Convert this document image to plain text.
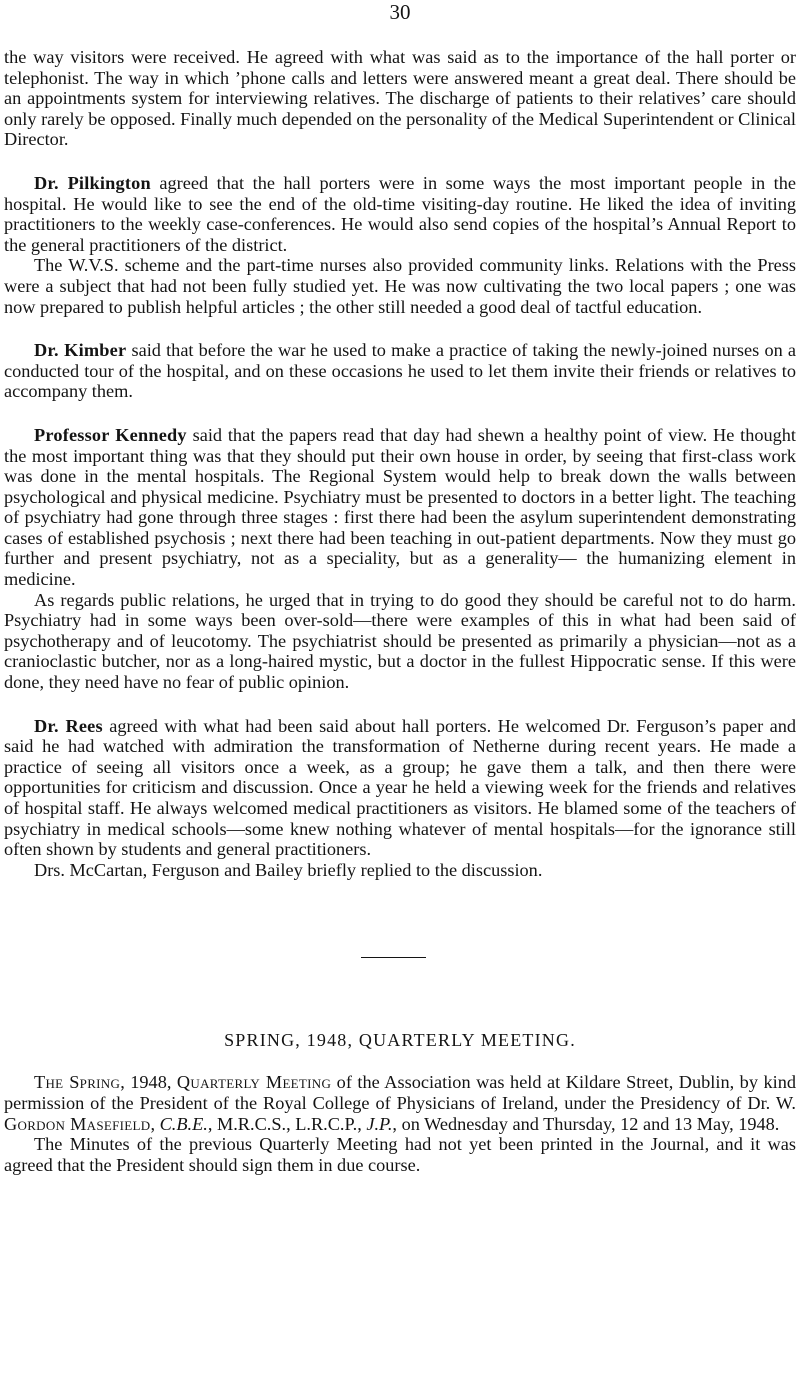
30

the way visitors were received. He agreed with what was said as to the importance of the hall porter or telephonist. The way in which ’phone calls and letters were answered meant a great deal. There should be an appointments system for interviewing relatives. The discharge of patients to their relatives’ care should only rarely be opposed. Finally much depended on the personality of the Medical Superintendent or Clinical Director.

Dr. Pilkington agreed that the hall porters were in some ways the most important people in the hospital. He would like to see the end of the old-time visiting-day routine. He liked the idea of inviting practitioners to the weekly case-conferences. He would also send copies of the hospital’s Annual Report to the general practitioners of the district.

The W.V.S. scheme and the part-time nurses also provided community links. Relations with the Press were a subject that had not been fully studied yet. He was now cultivating the two local papers ; one was now prepared to publish helpful articles ; the other still needed a good deal of tactful education.

Dr. Kimber said that before the war he used to make a practice of taking the newly-joined nurses on a conducted tour of the hospital, and on these occasions he used to let them invite their friends or relatives to accompany them.

Professor Kennedy said that the papers read that day had shewn a healthy point of view. He thought the most important thing was that they should put their own house in order, by seeing that first-class work was done in the mental hospitals. The Regional System would help to break down the walls between psychological and physical medicine. Psychiatry must be presented to doctors in a better light. The teaching of psychiatry had gone through three stages : first there had been the asylum superintendent demonstrating cases of established psychosis ; next there had been teaching in out-patient departments. Now they must go further and present psychiatry, not as a speciality, but as a generality— the humanizing element in medicine.

As regards public relations, he urged that in trying to do good they should be careful not to do harm. Psychiatry had in some ways been over-sold—there were examples of this in what had been said of psychotherapy and of leucotomy. The psychiatrist should be presented as primarily a physician—not as a cranioclastic butcher, nor as a long-haired mystic, but a doctor in the fullest Hippocratic sense. If this were done, they need have no fear of public opinion.

Dr. Rees agreed with what had been said about hall porters. He welcomed Dr. Ferguson’s paper and said he had watched with admiration the transformation of Netherne during recent years. He made a practice of seeing all visitors once a week, as a group; he gave them a talk, and then there were opportunities for criticism and discussion. Once a year he held a viewing week for the friends and relatives of hospital staff. He always welcomed medical practitioners as visitors. He blamed some of the teachers of psychiatry in medical schools—some knew nothing whatever of mental hospitals—for the ignorance still often shown by students and general practitioners.

Drs. McCartan, Ferguson and Bailey briefly replied to the discussion.

SPRING, 1948, QUARTERLY MEETING.

The Spring, 1948, Quarterly Meeting of the Association was held at Kildare Street, Dublin, by kind permission of the President of the Royal College of Physicians of Ireland, under the Presidency of Dr. W. Gordon Masefield, C.B.E., M.R.C.S., L.R.C.P., J.P., on Wednesday and Thursday, 12 and 13 May, 1948.

The Minutes of the previous Quarterly Meeting had not yet been printed in the Journal, and it was agreed that the President should sign them in due course.
